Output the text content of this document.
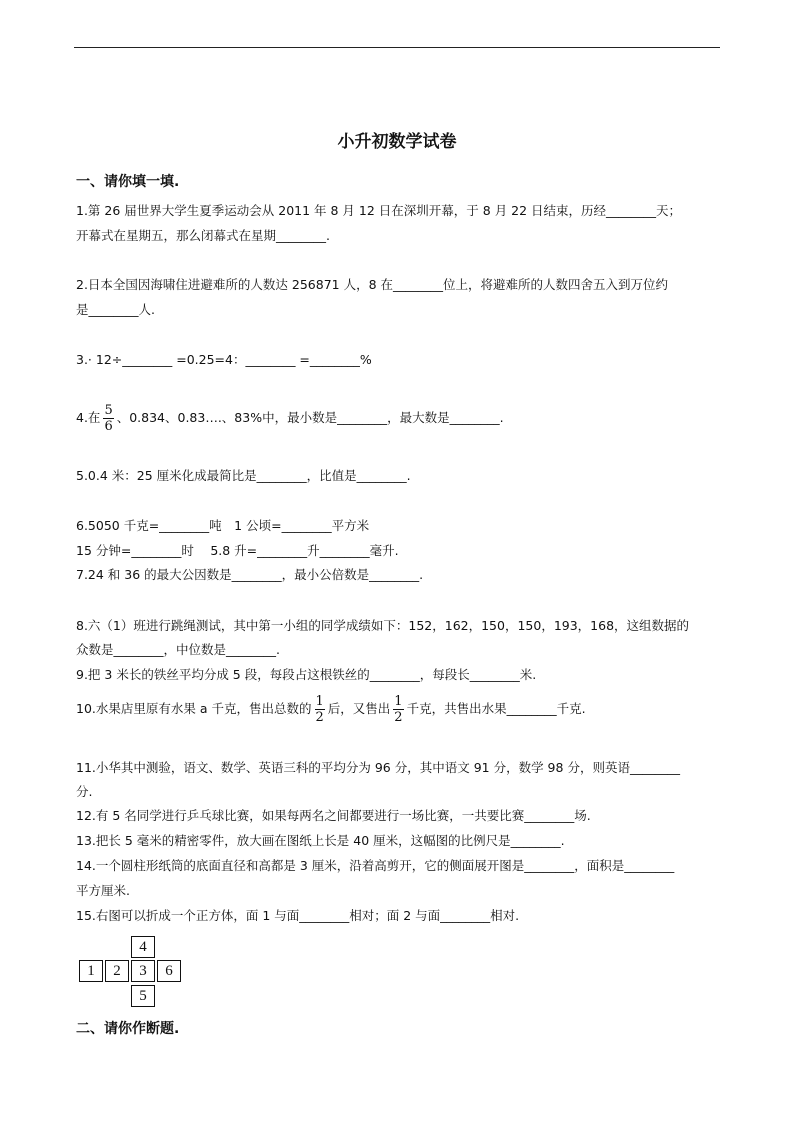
小升初数学试卷
一、请你填一填.
1.第 26 届世界大学生夏季运动会从 2011 年 8 月 12 日在深圳开幕，于 8 月 22 日结束，历经________天；
开幕式在星期五，那么闭幕式在星期________.
2.日本全国因海啸住进避难所的人数达 256871 人，8 在________位上，将避难所的人数四舍五入到万位约
是________人.
3.· 12÷________ =0.25=4：________ =________%
4.在 $\frac{5}{6}$ 、0.834、0.83….、83%中，最小数是________，最大数是________.
5.0.4 米：25 厘米化成最简比是________，比值是________.
6.5050 千克=________吨　1 公顷=________平方米
15 分钟=________时　 5.8 升=________升________毫升.
7.24 和 36 的最大公因数是________，最小公倍数是________.
8.六（1）班进行跳绳测试，其中第一小组的同学成绩如下：152，162，150，150，193，168，这组数据的
众数是________，中位数是________.
9.把 3 米长的铁丝平均分成 5 段，每段占这根铁丝的________，每段长________米.
10.水果店里原有水果 a 千克，售出总数的 $\frac{1}{2}$ 后，又售出 $\frac{1}{2}$ 千克，共售出水果________千克.
11.小华其中测验，语文、数学、英语三科的平均分为 96 分，其中语文 91 分，数学 98 分，则英语________
分.
12.有 5 名同学进行乒乓球比赛，如果每两名之间都要进行一场比赛，一共要比赛________场.
13.把长 5 毫米的精密零件，放大画在图纸上长是 40 厘米，这幅图的比例尺是________.
14.一个圆柱形纸筒的底面直径和高都是 3 厘米，沿着高剪开，它的侧面展开图是________，面积是________
平方厘米.
15.右图可以折成一个正方体，面 1 与面________相对；面 2 与面________相对.
4
1	2	3	6
5
二、请你作断题.
